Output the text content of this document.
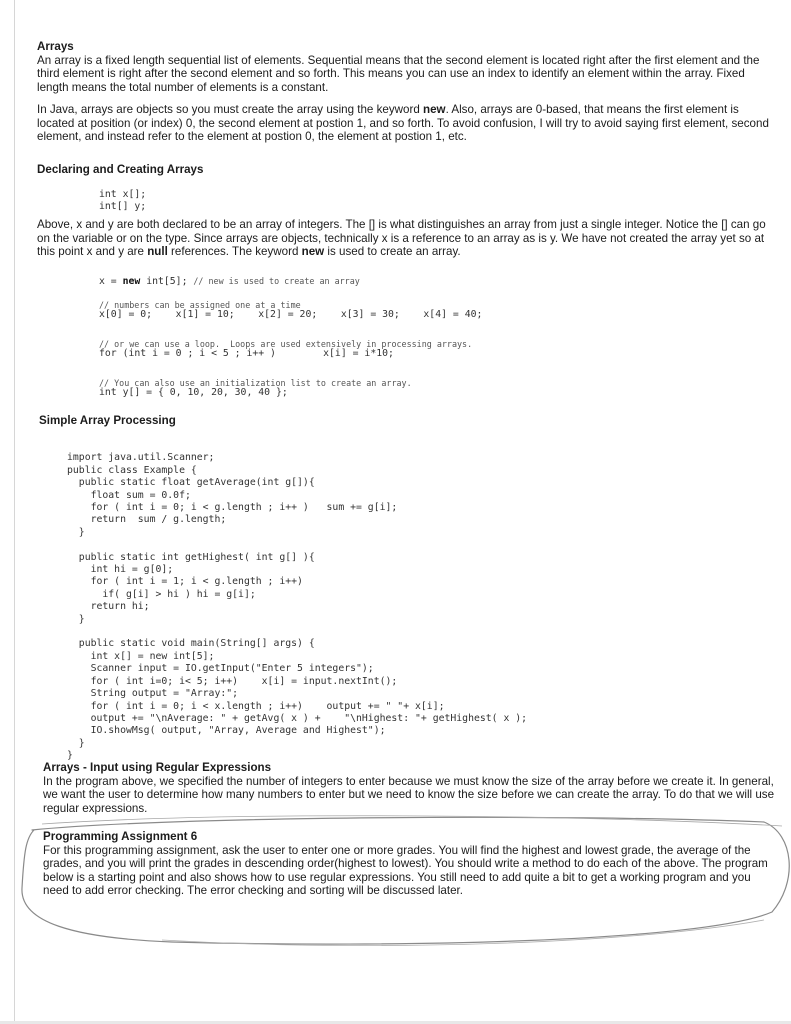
Arrays
An array is a fixed length sequential list of elements. Sequential means that the second element is located right after the first element and the third element is right after the second element and so forth. This means you can use an index to identify an element within the array. Fixed length means the total number of elements is a constant.

In Java, arrays are objects so you must create the array using the keyword new. Also, arrays are 0-based, that means the first element is located at position (or index) 0, the second element at postion 1, and so forth. To avoid confusion, I will try to avoid saying first element, second element, and instead refer to the element at postion 0, the element at postion 1, etc.

Declaring and Creating Arrays

int x[];
int[] y;

Above, x and y are both declared to be an array of integers. The [] is what distinguishes an array from just a single integer. Notice the [] can go on the variable or on the type. Since arrays are objects, technically x is a reference to an array as is y. We have not created the array yet so at this point x and y are null references. The keyword new is used to create an array.

x = new int[5]; // new is used to create an array
// numbers can be assigned one at a time
x[0] = 0;    x[1] = 10;    x[2] = 20;    x[3] = 30;    x[4] = 40;
// or we can use a loop.  Loops are used extensively in processing arrays.
for (int i = 0 ; i < 5 ; i++ )        x[i] = i*10;
// You can also use an initialization list to create an array.
int y[] = { 0, 10, 20, 30, 40 };

Simple Array Processing

import java.util.Scanner;
public class Example {
public static float getAverage(int g[]){
float sum = 0.0f;
for ( int i = 0; i < g.length ; i++ )   sum += g[i];
return  sum / g.length;
}
public static int getHighest( int g[] ){
int hi = g[0];
for ( int i = 1; i < g.length ; i++)
if( g[i] > hi ) hi = g[i];
return hi;
}
public static void main(String[] args) {
int x[] = new int[5];
Scanner input = IO.getInput("Enter 5 integers");
for ( int i=0; i< 5; i++)    x[i] = input.nextInt();
String output = "Array:";
for ( int i = 0; i < x.length ; i++)    output += " "+ x[i];
output += "\nAverage: " + getAvg( x ) +    "\nHighest: "+ getHighest( x );
IO.showMsg( output, "Array, Average and Highest");
}
}

Arrays - Input using Regular Expressions
In the program above, we specified the number of integers to enter because we must know the size of the array before we create it. In general, we want the user to determine how many numbers to enter but we need to know the size before we can create the array. To do that we will use regular expressions.

Programming Assignment 6
For this programming assignment, ask the user to enter one or more grades. You will find the highest and lowest grade, the average of the grades, and you will print the grades in descending order(highest to lowest). You should write a method to do each of the above. The program below is a starting point and also shows how to use regular expressions. You still need to add quite a bit to get a working program and you need to add error checking. The error checking and sorting will be discussed later.
